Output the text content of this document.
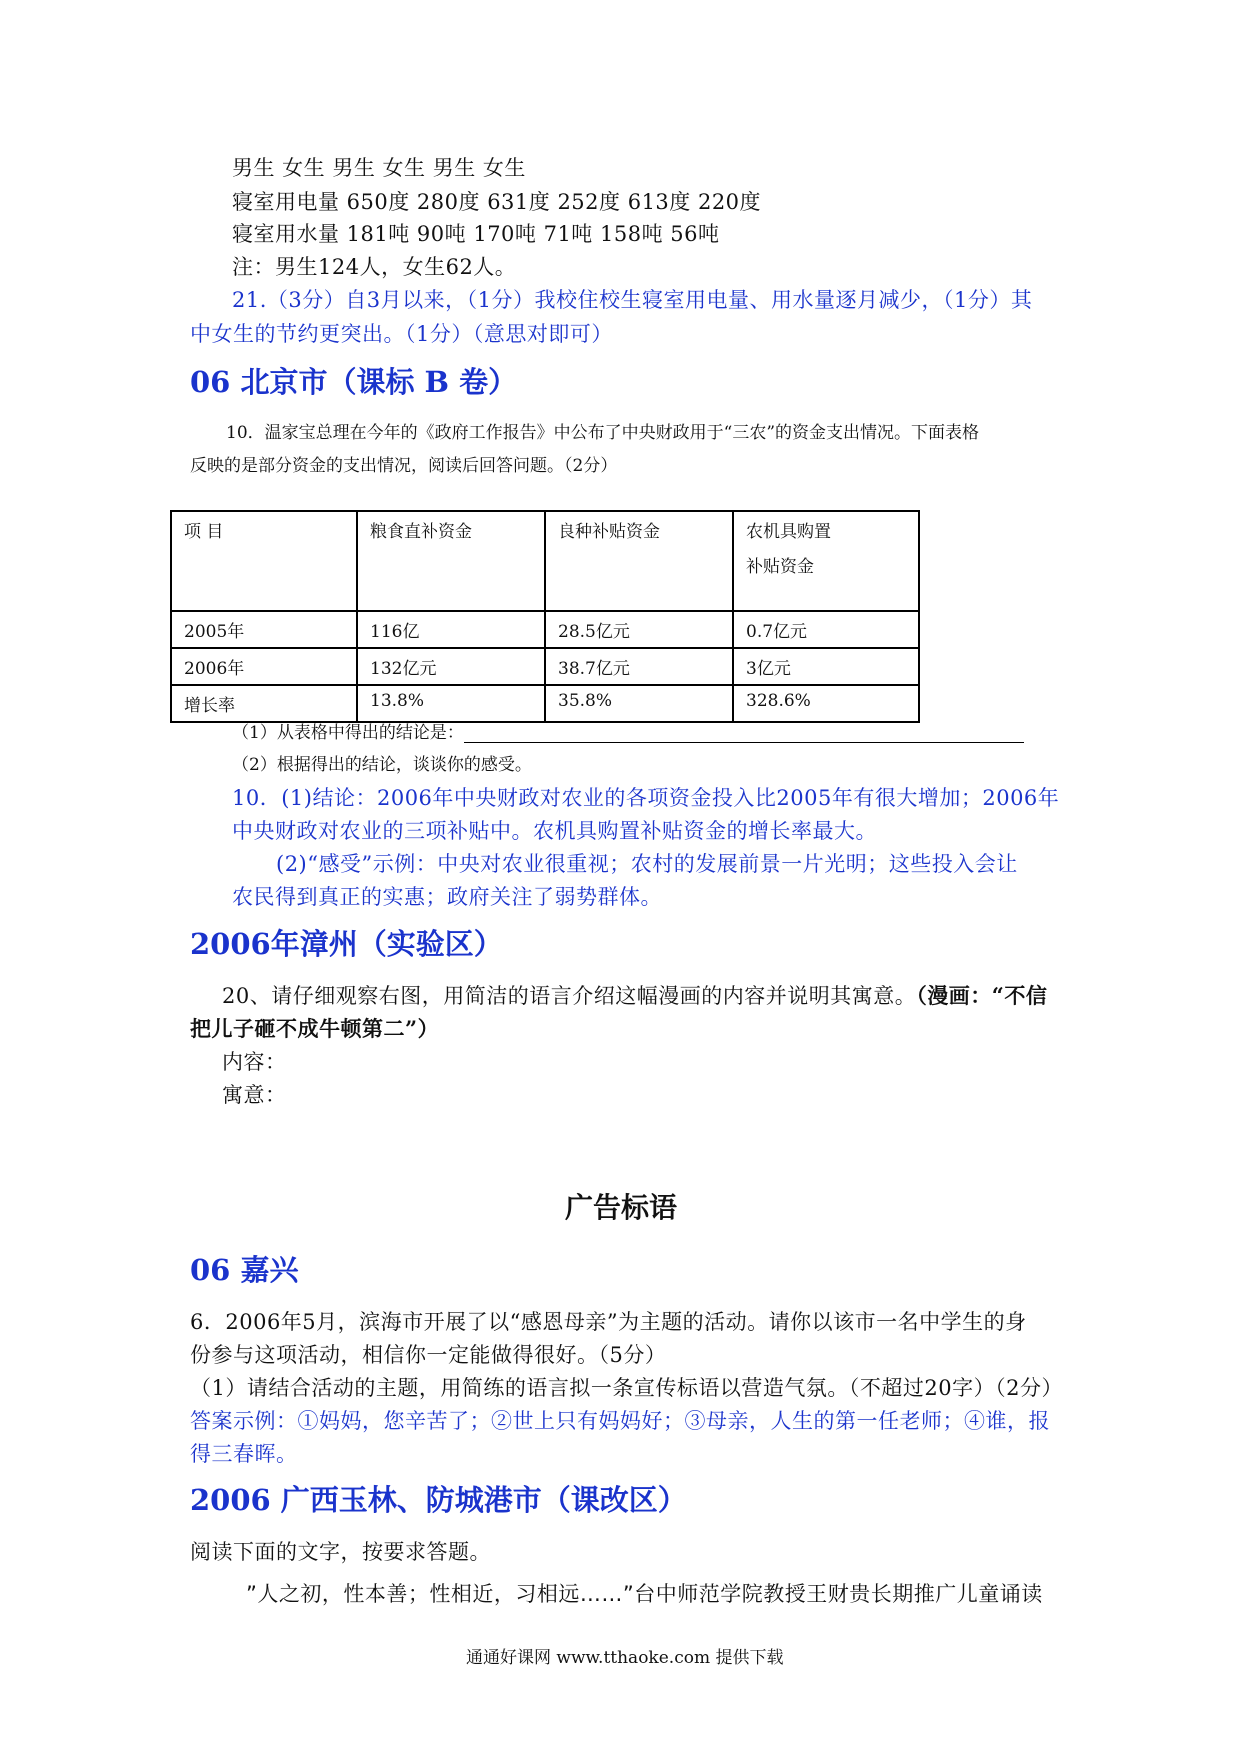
男生 女生 男生 女生 男生 女生
寝室用电量 650度 280度 631度 252度 613度 220度
寝室用水量 181吨 90吨 170吨 71吨 158吨 56吨
注：男生124人，女生62人。
21.（3分）自3月以来，（1分）我校住校生寝室用电量、用水量逐月减少，（1分）其
中女生的节约更突出。（1分）（意思对即可）
06 北京市（课标 B 卷）
10．温家宝总理在今年的《政府工作报告》中公布了中央财政用于“三农”的资金支出情况。下面表格
反映的是部分资金的支出情况，阅读后回答问题。（2分）
项 目	粮食直补资金	良种补贴资金	农机具购置
补贴资金

2005年	116亿	28.5亿元	0.7亿元
2006年	132亿元	38.7亿元	3亿元
增长率	13.8%	35.8%	328.6%
（1）从表格中得出的结论是：
（2）根据得出的结论，谈谈你的感受。
10．(1)结论：2006年中央财政对农业的各项资金投入比2005年有很大增加；2006年
中央财政对农业的三项补贴中。农机具购置补贴资金的增长率最大。
(2)“感受”示例：中央对农业很重视；农村的发展前景一片光明；这些投入会让
农民得到真正的实惠；政府关注了弱势群体。
2006年漳州（实验区）
20、请仔细观察右图，用简洁的语言介绍这幅漫画的内容并说明其寓意。（漫画：“不信
把儿子砸不成牛顿第二”）
内容：
寓意：
广告标语
06 嘉兴
6．2006年5月，滨海市开展了以“感恩母亲”为主题的活动。请你以该市一名中学生的身
份参与这项活动，相信你一定能做得很好。（5分）
（1）请结合活动的主题，用简练的语言拟一条宣传标语以营造气氛。（不超过20字）（2分）
答案示例：①妈妈，您辛苦了；②世上只有妈妈好；③母亲，人生的第一任老师；④谁，报
得三春晖。
2006 广西玉林、防城港市（课改区）
阅读下面的文字，按要求答题。
”人之初，性本善；性相近，习相远……”台中师范学院教授王财贵长期推广儿童诵读
通通好课网 www.tthaoke.com 提供下载
